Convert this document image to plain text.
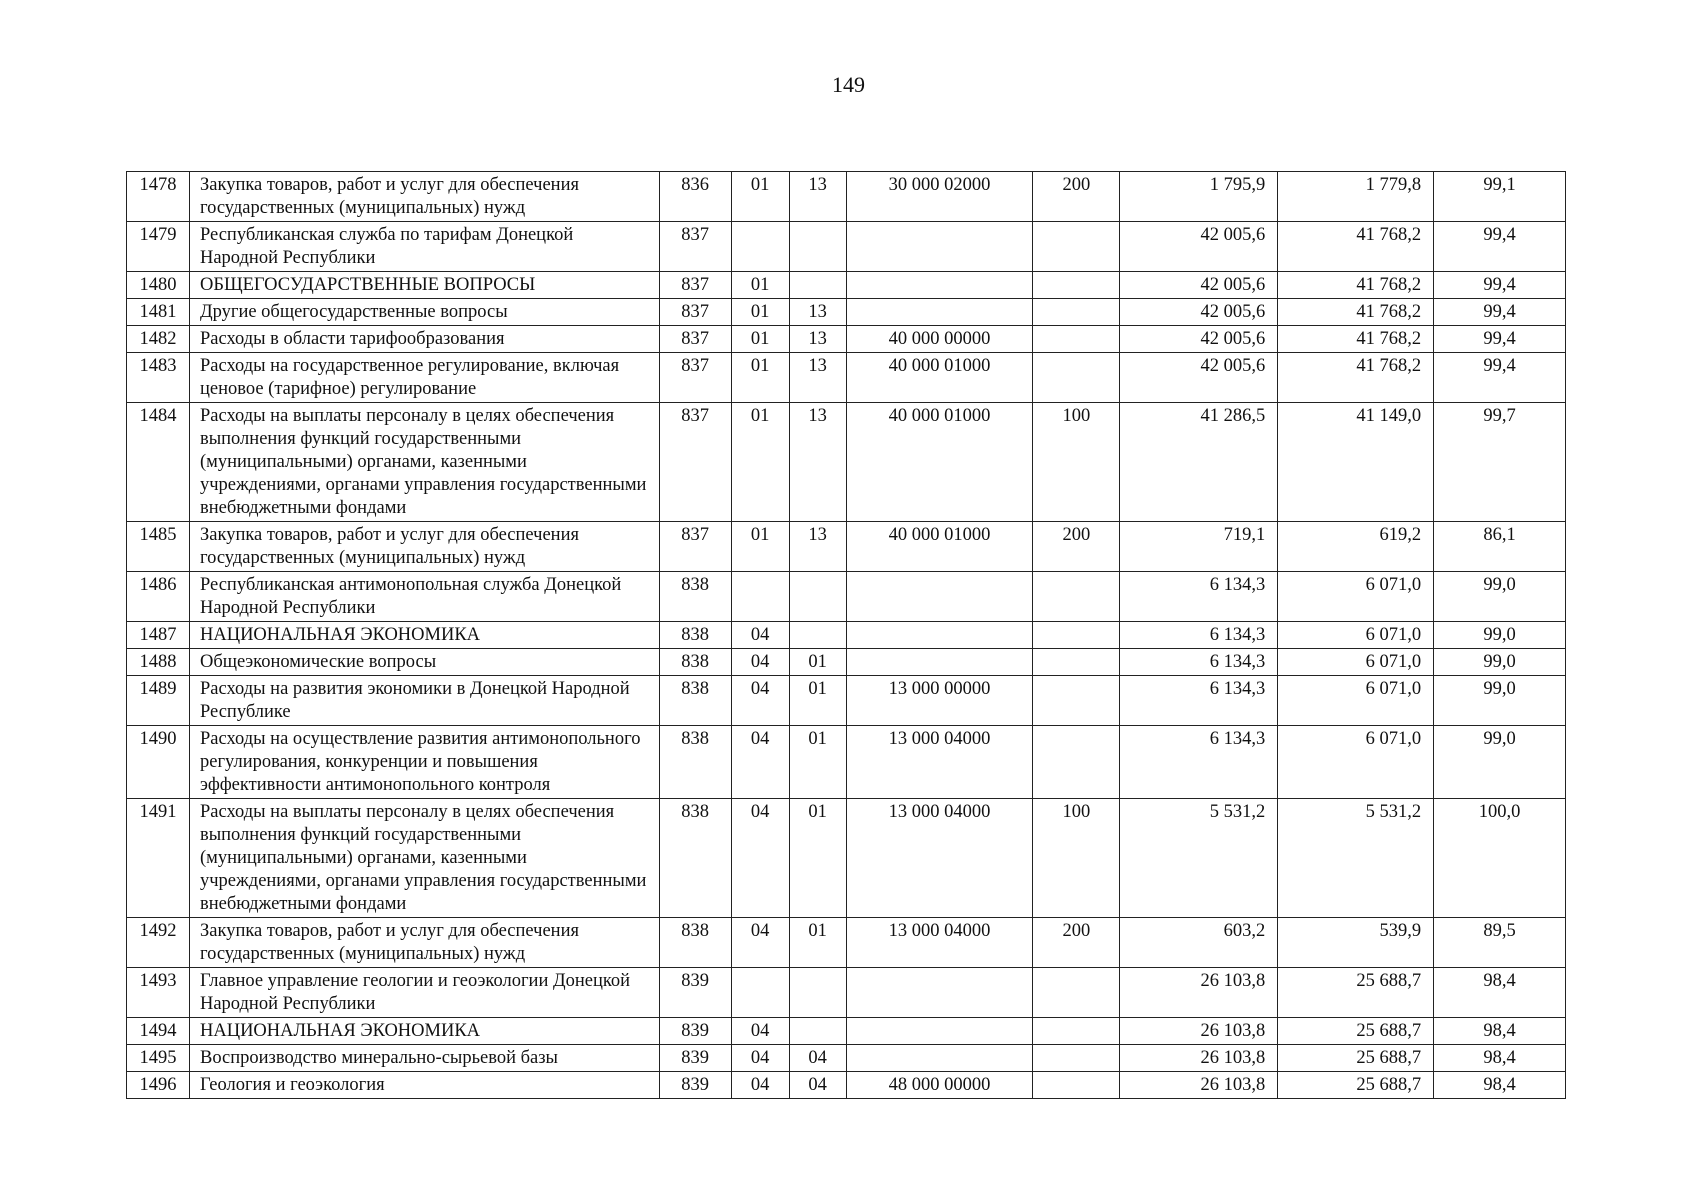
149
1478	Закупка товаров, работ и услуг для обеспечения государственных (муниципальных) нужд	836	01	13	30 000 02000	200	1 795,9	1 779,8	99,1
1479	Республиканская служба по тарифам Донецкой Народной Республики	837					42 005,6	41 768,2	99,4
1480	ОБЩЕГОСУДАРСТВЕННЫЕ ВОПРОСЫ	837	01				42 005,6	41 768,2	99,4
1481	Другие общегосударственные вопросы	837	01	13			42 005,6	41 768,2	99,4
1482	Расходы в области тарифообразования	837	01	13	40 000 00000		42 005,6	41 768,2	99,4
1483	Расходы на государственное регулирование, включая ценовое (тарифное) регулирование	837	01	13	40 000 01000		42 005,6	41 768,2	99,4
1484	Расходы на выплаты персоналу в целях обеспечения выполнения функций государственными (муниципальными) органами, казенными учреждениями, органами управления государственными внебюджетными фондами	837	01	13	40 000 01000	100	41 286,5	41 149,0	99,7
1485	Закупка товаров, работ и услуг для обеспечения государственных (муниципальных) нужд	837	01	13	40 000 01000	200	719,1	619,2	86,1
1486	Республиканская антимонопольная служба Донецкой Народной Республики	838					6 134,3	6 071,0	99,0
1487	НАЦИОНАЛЬНАЯ ЭКОНОМИКА	838	04				6 134,3	6 071,0	99,0
1488	Общеэкономические вопросы	838	04	01			6 134,3	6 071,0	99,0
1489	Расходы на развития экономики в Донецкой Народной Республике	838	04	01	13 000 00000		6 134,3	6 071,0	99,0
1490	Расходы на осуществление развития антимонопольного регулирования, конкуренции и повышения эффективности антимонопольного контроля	838	04	01	13 000 04000		6 134,3	6 071,0	99,0
1491	Расходы на выплаты персоналу в целях обеспечения выполнения функций государственными (муниципальными) органами, казенными учреждениями, органами управления государственными внебюджетными фондами	838	04	01	13 000 04000	100	5 531,2	5 531,2	100,0
1492	Закупка товаров, работ и услуг для обеспечения государственных (муниципальных) нужд	838	04	01	13 000 04000	200	603,2	539,9	89,5
1493	Главное управление геологии и геоэкологии Донецкой Народной Республики	839					26 103,8	25 688,7	98,4
1494	НАЦИОНАЛЬНАЯ ЭКОНОМИКА	839	04				26 103,8	25 688,7	98,4
1495	Воспроизводство минерально-сырьевой базы	839	04	04			26 103,8	25 688,7	98,4
1496	Геология и геоэкология	839	04	04	48 000 00000		26 103,8	25 688,7	98,4
